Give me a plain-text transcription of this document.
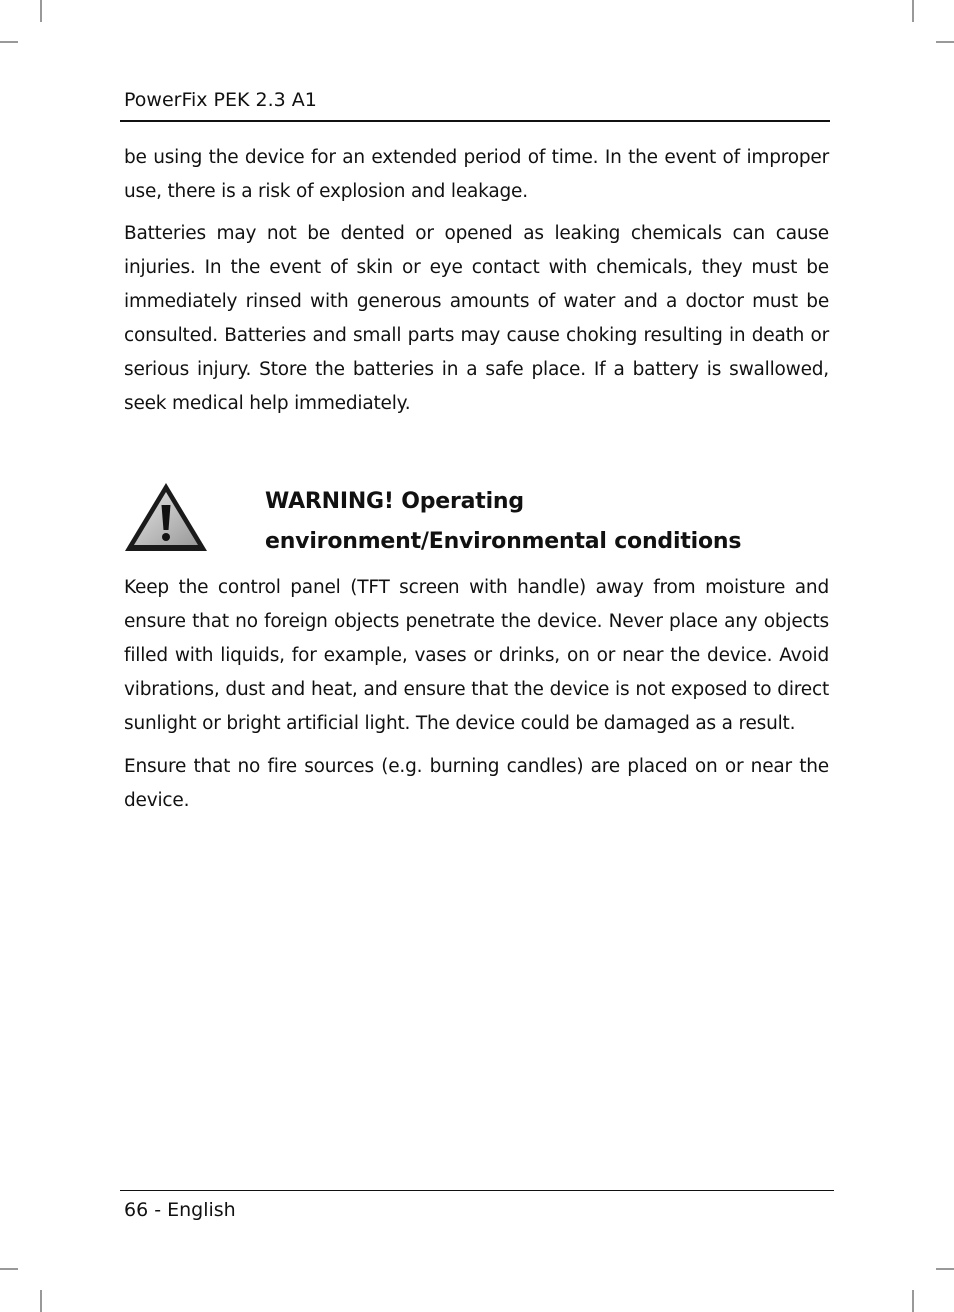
PowerFix PEK 2.3 A1

be using the device for an extended period of time. In the event of improper use, there is a risk of explosion and leakage.

Batteries may not be dented or opened as leaking chemicals can cause injuries. In the event of skin or eye contact with chemicals, they must be immediately rinsed with generous amounts of water and a doctor must be consulted. Batteries and small parts may cause choking resulting in death or serious injury. Store the batteries in a safe place. If a battery is swallowed, seek medical help immediately.

WARNING! Operating
environment/Environmental conditions

Keep the control panel (TFT screen with handle) away from moisture and ensure that no foreign objects penetrate the device. Never place any objects filled with liquids, for example, vases or drinks, on or near the device. Avoid vibrations, dust and heat, and ensure that the device is not exposed to direct sunlight or bright artificial light. The device could be damaged as a result.

Ensure that no fire sources (e.g. burning candles) are placed on or near the device.

66 - English
